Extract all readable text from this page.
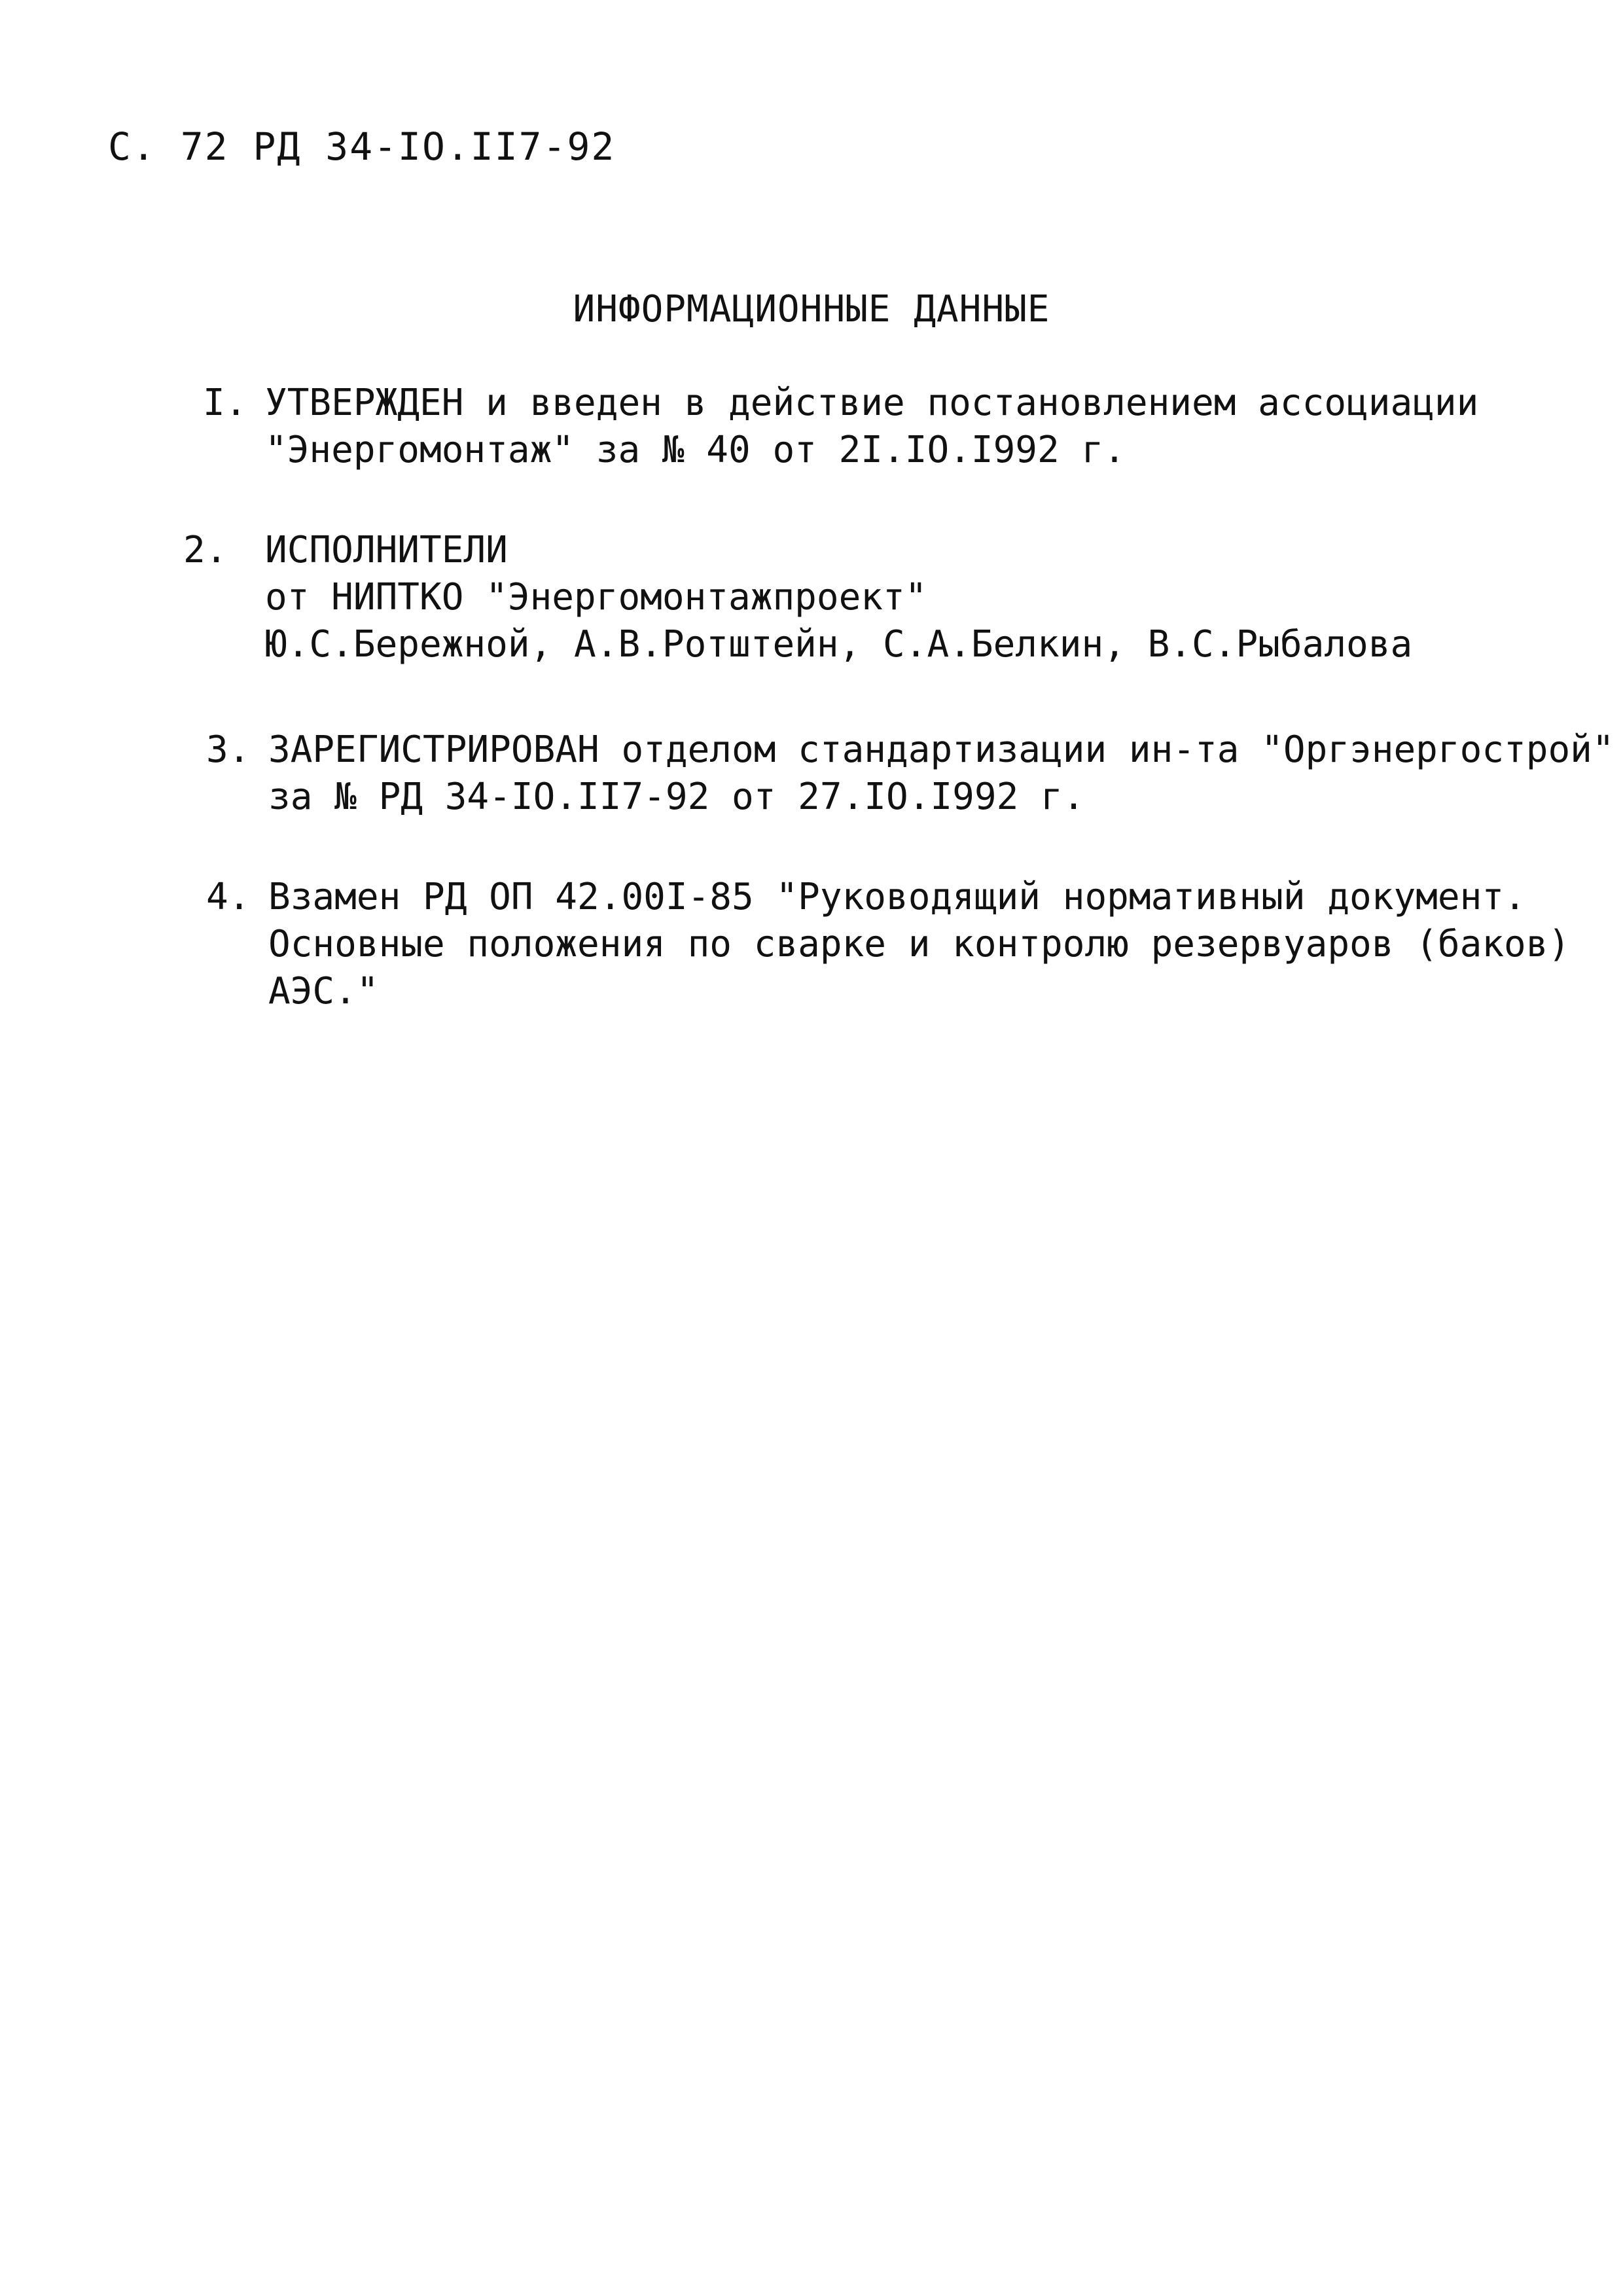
С. 72 РД 34-IO.II7-92
ИНФОРМАЦИОННЫЕ ДАННЫЕ
I. УТВЕРЖДЕН и введен в действие постановлением ассоциации
"Энергомонтаж" за № 40 от 2I.IO.I992 г.
2. ИСПОЛНИТЕЛИ
от НИПТКО "Энергомонтажпроект"
Ю.С.Бережной, А.В.Ротштейн, С.А.Белкин, В.С.Рыбалова
3. ЗАРЕГИСТРИРОВАН отделом стандартизации ин-та "Оргэнергострой"
за № РД 34-IO.II7-92 от 27.IO.I992 г.
4. Взамен РД ОП 42.00I-85 "Руководящий нормативный документ.
Основные положения по сварке и контролю резервуаров (баков)
АЭС."
